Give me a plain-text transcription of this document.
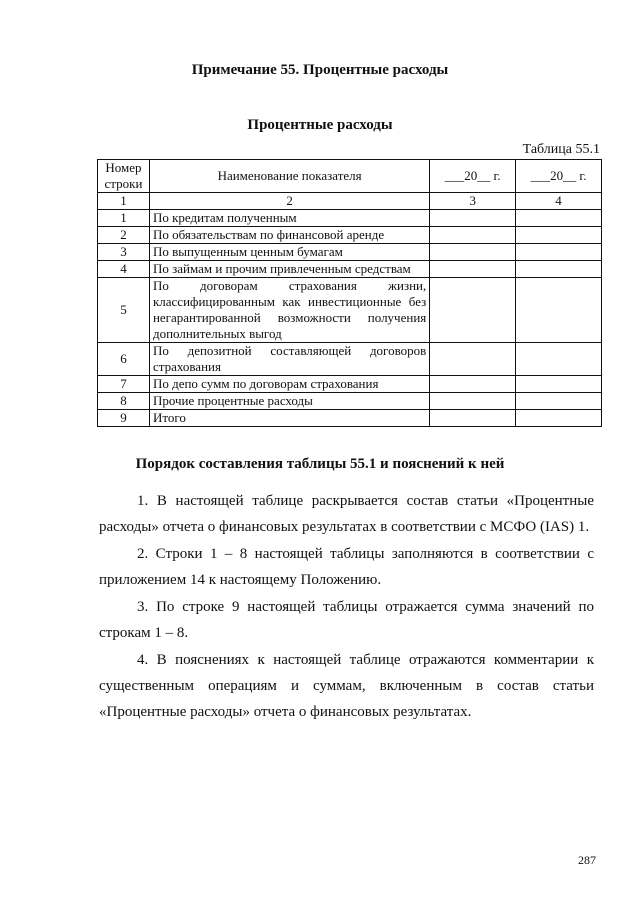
Примечание 55. Процентные расходы
Процентные расходы
Таблица 55.1
Номер строки	Наименование показателя	___20__ г.	___20__ г.
1	2	3	4
1	По кредитам полученным		
2	По обязательствам по финансовой аренде		
3	По выпущенным ценным бумагам		
4	По займам и прочим привлеченным средствам		
5	По договорам страхования жизни, классифицированным как инвестиционные без негарантированной возможности получения дополнительных выгод		
6	По депозитной составляющей договоров страхования		
7	По депо сумм по договорам страхования		
8	Прочие процентные расходы		
9	Итого		
Порядок составления таблицы 55.1 и пояснений к ней

1. В настоящей таблице раскрывается состав статьи «Процентные расходы» отчета о финансовых результатах в соответствии с МСФО (IAS) 1.

2. Строки 1 – 8 настоящей таблицы заполняются в соответствии с приложением 14 к настоящему Положению.

3. По строке 9 настоящей таблицы отражается сумма значений по строкам 1 – 8.

4. В пояснениях к настоящей таблице отражаются комментарии к существенным операциям и суммам, включенным в состав статьи «Процентные расходы» отчета о финансовых результатах.

287
